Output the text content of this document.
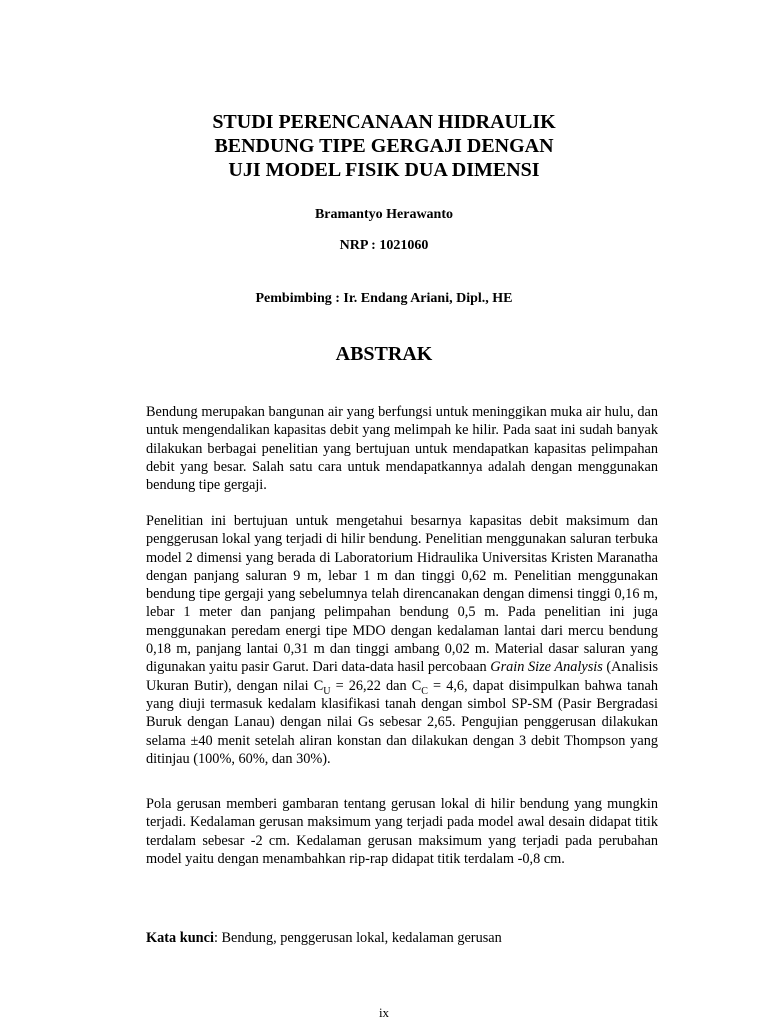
STUDI PERENCANAAN HIDRAULIK
BENDUNG TIPE GERGAJI DENGAN
UJI MODEL FISIK DUA DIMENSI
Bramantyo Herawanto
NRP : 1021060
Pembimbing : Ir. Endang Ariani, Dipl., HE
ABSTRAK

Bendung merupakan bangunan air yang berfungsi untuk meninggikan muka air hulu, dan untuk mengendalikan kapasitas debit yang melimpah ke hilir. Pada saat ini sudah banyak dilakukan berbagai penelitian yang bertujuan untuk mendapatkan kapasitas pelimpahan debit yang besar. Salah satu cara untuk mendapatkannya adalah dengan menggunakan bendung tipe gergaji.

Penelitian ini bertujuan untuk mengetahui besarnya kapasitas debit maksimum dan penggerusan lokal yang terjadi di hilir bendung. Penelitian menggunakan saluran terbuka model 2 dimensi yang berada di Laboratorium Hidraulika Universitas Kristen Maranatha dengan panjang saluran 9 m, lebar 1 m dan tinggi 0,62 m. Penelitian menggunakan bendung tipe gergaji yang sebelumnya telah direncanakan dengan dimensi tinggi 0,16 m, lebar 1 meter dan panjang pelimpahan bendung 0,5 m. Pada penelitian ini juga menggunakan peredam energi tipe MDO dengan kedalaman lantai dari mercu bendung 0,18 m, panjang lantai 0,31 m dan tinggi ambang 0,02 m. Material dasar saluran yang digunakan yaitu pasir Garut. Dari data-data hasil percobaan Grain Size Analysis (Analisis Ukuran Butir), dengan nilai $C_U = 26,22$ dan $C_C = 4,6$, dapat disimpulkan bahwa tanah yang diuji termasuk kedalam klasifikasi tanah dengan simbol SP-SM (Pasir Bergradasi Buruk dengan Lanau) dengan nilai Gs sebesar 2,65. Pengujian penggerusan dilakukan selama ±40 menit setelah aliran konstan dan dilakukan dengan 3 debit Thompson yang ditinjau (100%, 60%, dan 30%).

Pola gerusan memberi gambaran tentang gerusan lokal di hilir bendung yang mungkin terjadi. Kedalaman gerusan maksimum yang terjadi pada model awal desain didapat titik terdalam sebesar -2 cm. Kedalaman gerusan maksimum yang terjadi pada perubahan model yaitu dengan menambahkan rip-rap didapat titik terdalam -0,8 cm.

Kata kunci: Bendung, penggerusan lokal, kedalaman gerusan
ix
